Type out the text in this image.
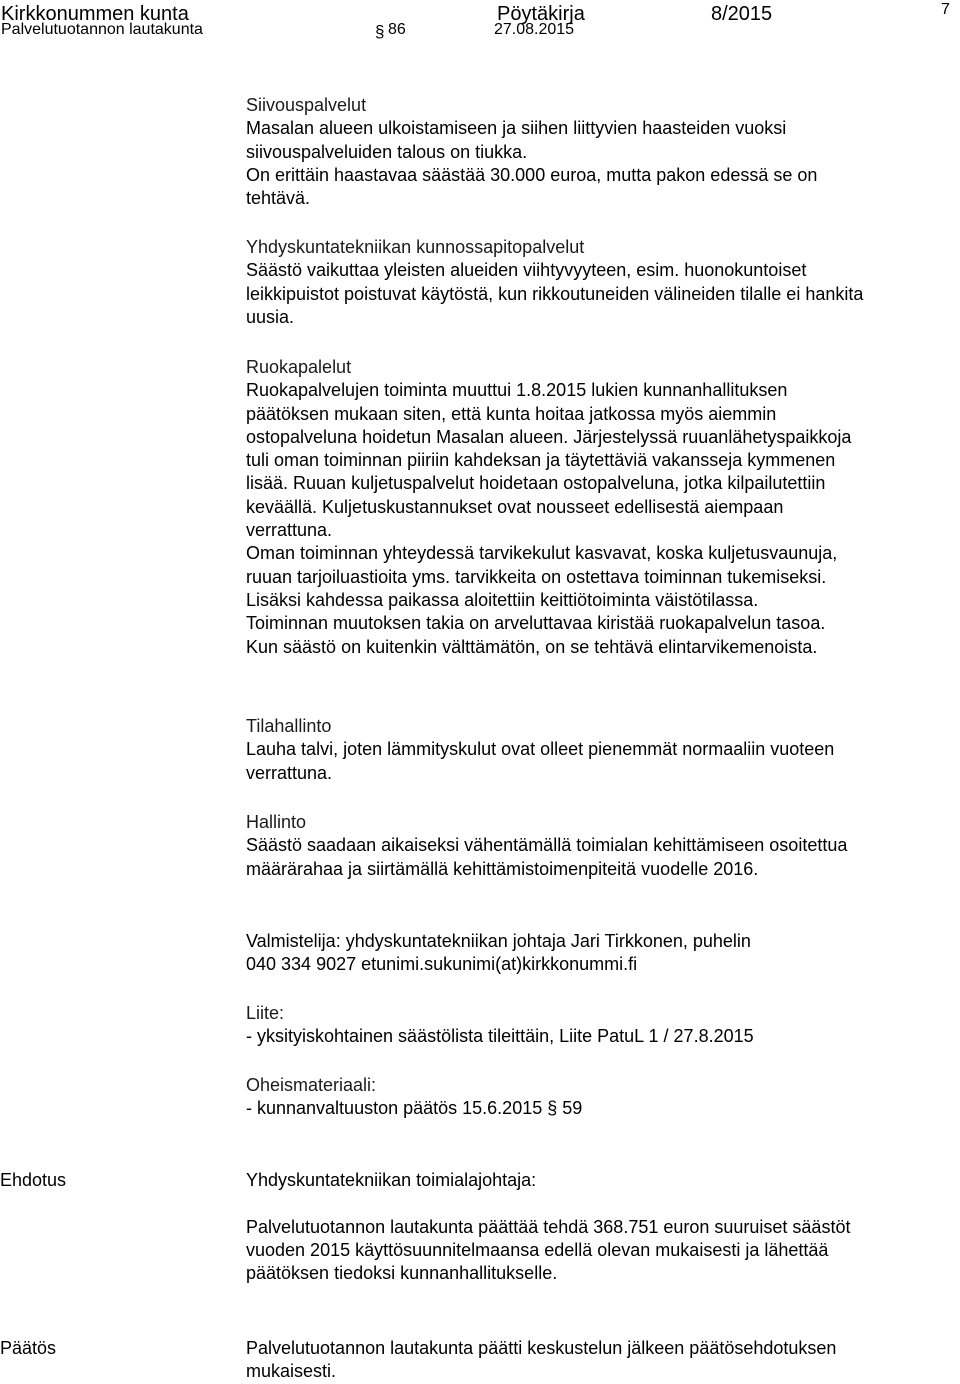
Kirkkonummen kunta	Pöytäkirja	8/2015	7
Palvelutuotannon lautakunta	§ 86	27.08.2015
Siivouspalvelut
Masalan alueen ulkoistamiseen ja siihen liittyvien haasteiden vuoksi
siivouspalveluiden talous on tiukka.
On erittäin haastavaa säästää 30.000 euroa, mutta pakon edessä se on
tehtävä.
Yhdyskuntatekniikan kunnossapitopalvelut
Säästö vaikuttaa yleisten alueiden viihtyvyyteen, esim. huonokuntoiset
leikkipuistot poistuvat käytöstä, kun rikkoutuneiden välineiden tilalle ei hankita
uusia.
Ruokapalelut
Ruokapalvelujen toiminta muuttui 1.8.2015 lukien kunnanhallituksen
päätöksen mukaan siten, että kunta hoitaa jatkossa myös aiemmin
ostopalveluna hoidetun Masalan alueen. Järjestelyssä ruuanlähetyspaikkoja
tuli oman toiminnan piiriin kahdeksan ja täytettäviä vakansseja kymmenen
lisää. Ruuan kuljetuspalvelut hoidetaan ostopalveluna, jotka kilpailutettiin
keväällä. Kuljetuskustannukset ovat nousseet edellisestä aiempaan
verrattuna.
Oman toiminnan yhteydessä tarvikekulut kasvavat, koska kuljetusvaunuja,
ruuan tarjoiluastioita yms. tarvikkeita on ostettava toiminnan tukemiseksi.
Lisäksi kahdessa paikassa aloitettiin keittiötoiminta väistötilassa.
Toiminnan muutoksen takia on arveluttavaa kiristää ruokapalvelun tasoa.
Kun säästö on kuitenkin välttämätön, on se tehtävä elintarvikemenoista.
Tilahallinto
Lauha talvi, joten lämmityskulut ovat olleet pienemmät normaaliin vuoteen
verrattuna.
Hallinto
Säästö saadaan aikaiseksi vähentämällä toimialan kehittämiseen osoitettua
määrärahaa ja siirtämällä kehittämistoimenpiteitä vuodelle 2016.
Valmistelija: yhdyskuntatekniikan johtaja Jari Tirkkonen, puhelin
040 334 9027 etunimi.sukunimi(at)kirkkonummi.fi
Liite:
- yksityiskohtainen säästölista tileittäin, Liite PatuL 1 / 27.8.2015
Oheismateriaali:
- kunnanvaltuuston päätös 15.6.2015 § 59
Ehdotus	Yhdyskuntatekniikan toimialajohtaja:
Palvelutuotannon lautakunta päättää tehdä 368.751 euron suuruiset säästöt
vuoden 2015 käyttösuunnitelmaansa edellä olevan mukaisesti ja lähettää
päätöksen tiedoksi kunnanhallitukselle.
Päätös	Palvelutuotannon lautakunta päätti keskustelun jälkeen päätösehdotuksen
mukaisesti.
